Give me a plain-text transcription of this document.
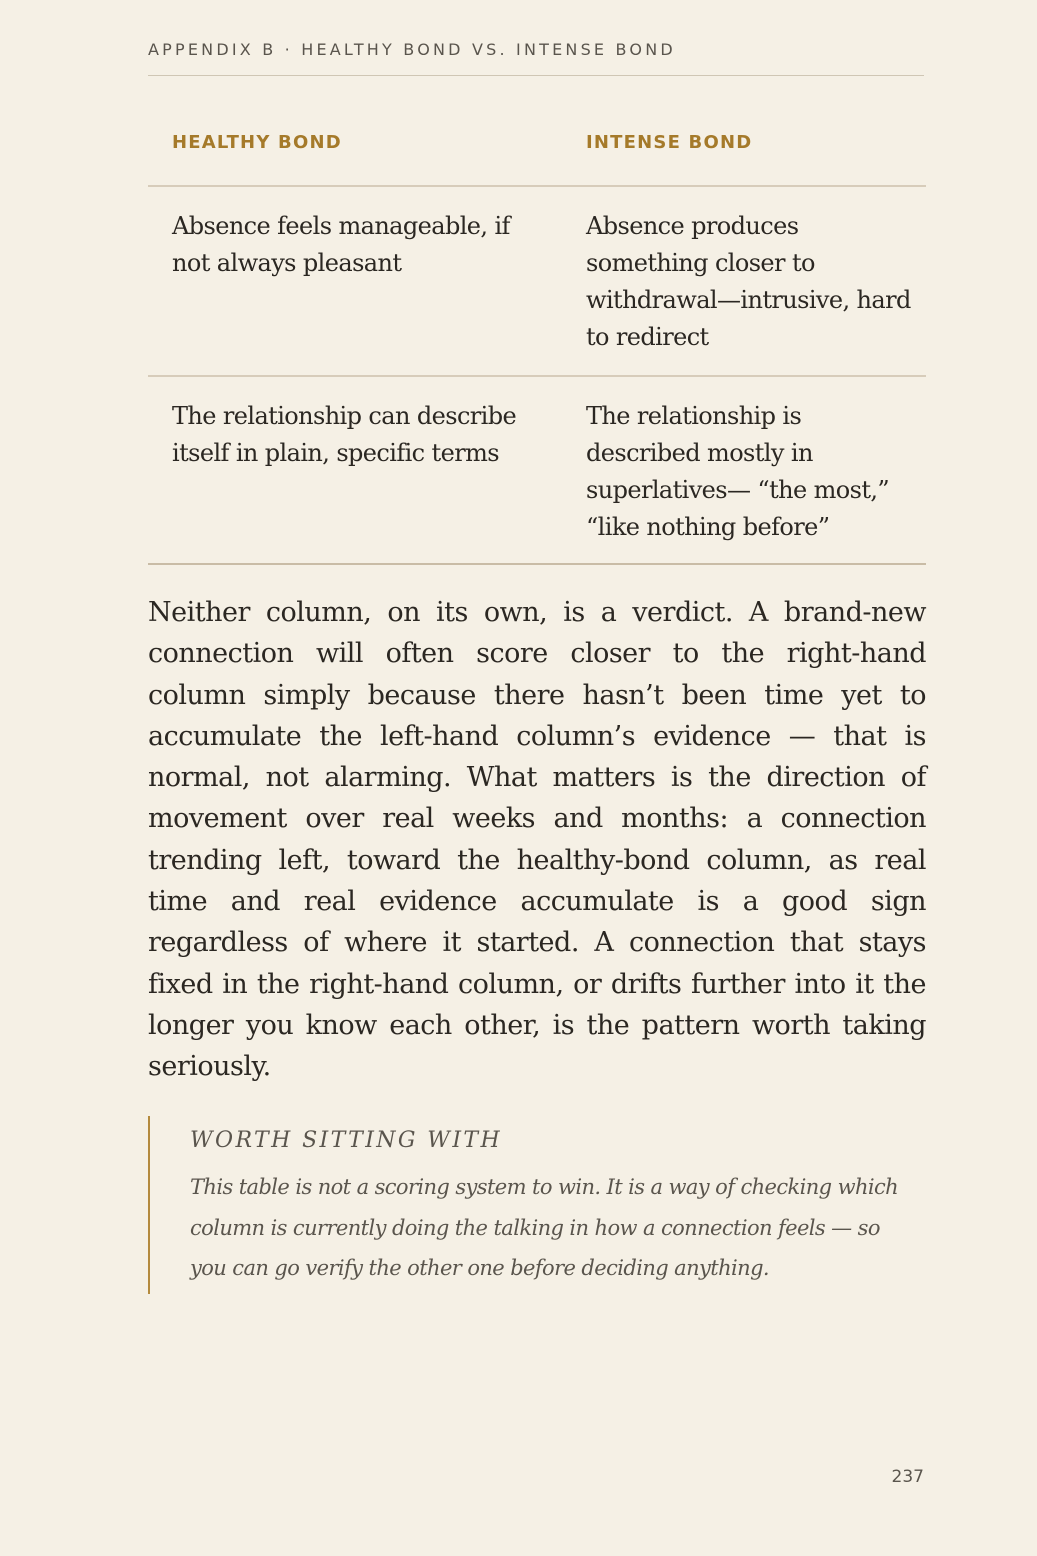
APPENDIX B · HEALTHY BOND VS. INTENSE BOND
HEALTHY BOND	INTENSE BOND
Absence feels manageable, if not always pleasant
Absence produces something closer to withdrawal—intrusive, hard to redirect
The relationship can describe itself in plain, specific terms
The relationship is described mostly in superlatives— “the most,” “like nothing before”

Neither column, on its own, is a verdict. A brand-new connection will often score closer to the right-hand column simply because there hasn’t been time yet to accumulate the left-hand column’s evidence — that is normal, not alarming. What matters is the direction of movement over real weeks and months: a connection trending left, toward the healthy-bond column, as real time and real evidence accumulate is a good sign regardless of where it started. A connection that stays fixed in the right-hand column, or drifts further into it the longer you know each other, is the pattern worth taking seriously.

WORTH SITTING WITH
This table is not a scoring system to win. It is a way of checking which column is currently doing the talking in how a connection feels — so you can go verify the other one before deciding anything.
237
